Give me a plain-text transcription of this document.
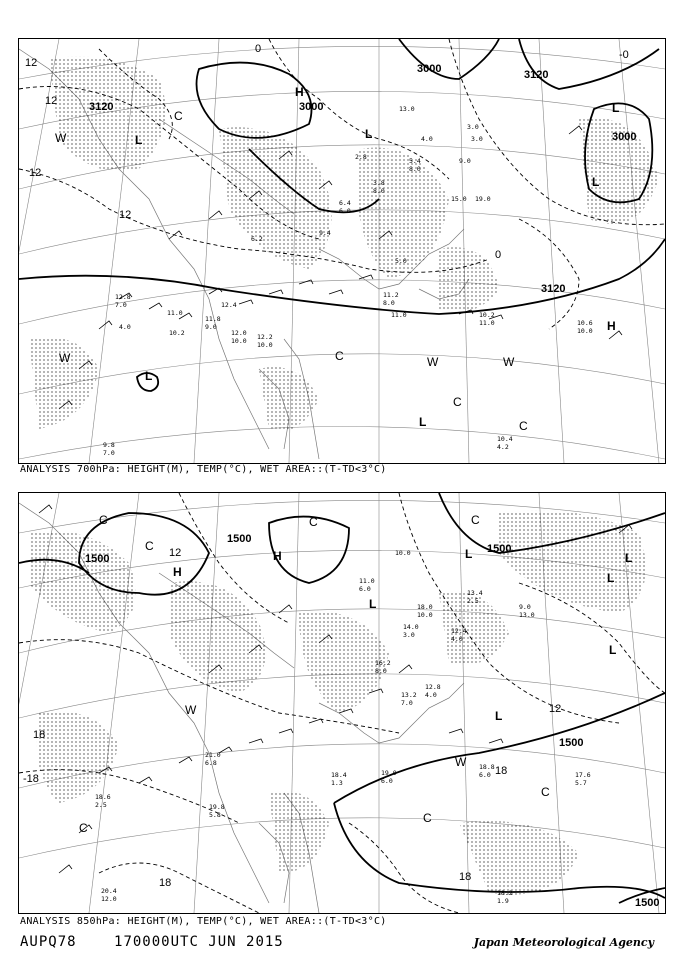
3000
3120
3000
3120
3120
3000
12
12
12
12
0
0
-0
H
L	L
L
L
L
H
L
W
W	W	W
C
C
C
C
12.8
7.0
11.0
4.0
12.4
10.2
11.8
9.0
12.0
10.0
5.4
8.0
3.0
11.0
11.2
8.0
10.2
11.0	10.6
10.0
10.4
4.2
9.8
7.0
6.4
6.0
3.8
8.0
5.0
4.0
2.8	9.0
13.0
3.0
15.0 19.0
9.4
6.2
12.2
10.0
ANALYSIS 700hPa: HEIGHT(M), TEMP(°C), WET AREA::(T-TD<3°C)
1500
1500
1500
1500
1500
12
12
18
18
18
-18
18
H
H
L
L
L
L
L
L
W
W
C
C
C	C
C
C
C
18.6
2.5	19.8
5.8
20.4
12.0
21.0
6.8
19.0
6.0
18.4
1.3
13.2
7.0
12.8
4.0
18.0
10.0
17.6
5.7
18.2
1.9
18.8
6.0
16.2
8.0
12.4
4.0
14.0
3.0
10.0
13.4
2.5
11.0
6.0
9.0
13.0
ANALYSIS 850hPa: HEIGHT(M), TEMP(°C), WET AREA::(T-TD<3°C)
AUPQ78	170000UTC JUN 2015	Japan Meteorological Agency
